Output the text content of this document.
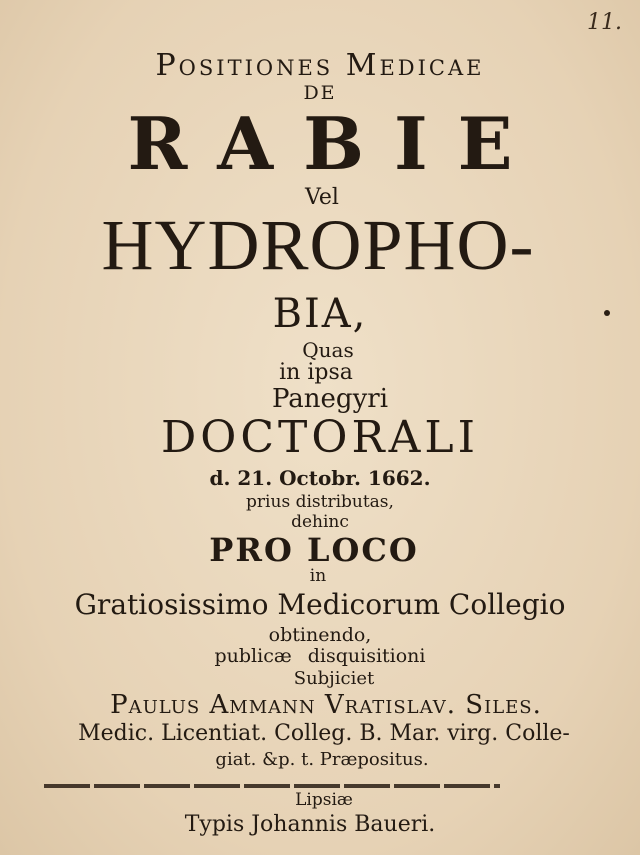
11.
Positiones Medicae
DE
RABIE
Vel
HYDROPHO-
BIA,
Quas
in ipsa
Panegyri
DOCTORALI
d. 21. Octobr. 1662.
prius distributas,
dehinc
PRO LOCO
in
Gratiosissimo Medicorum Collegio
obtinendo,
publicæ disquisitioni
Subjiciet
Paulus Ammann Vratislav. Siles.
Medic. Licentiat. Colleg. B. Mar. virg. Colle-
giat. &p. t. Præpositus.
Lipsiæ
Typis Johannis Baueri.
